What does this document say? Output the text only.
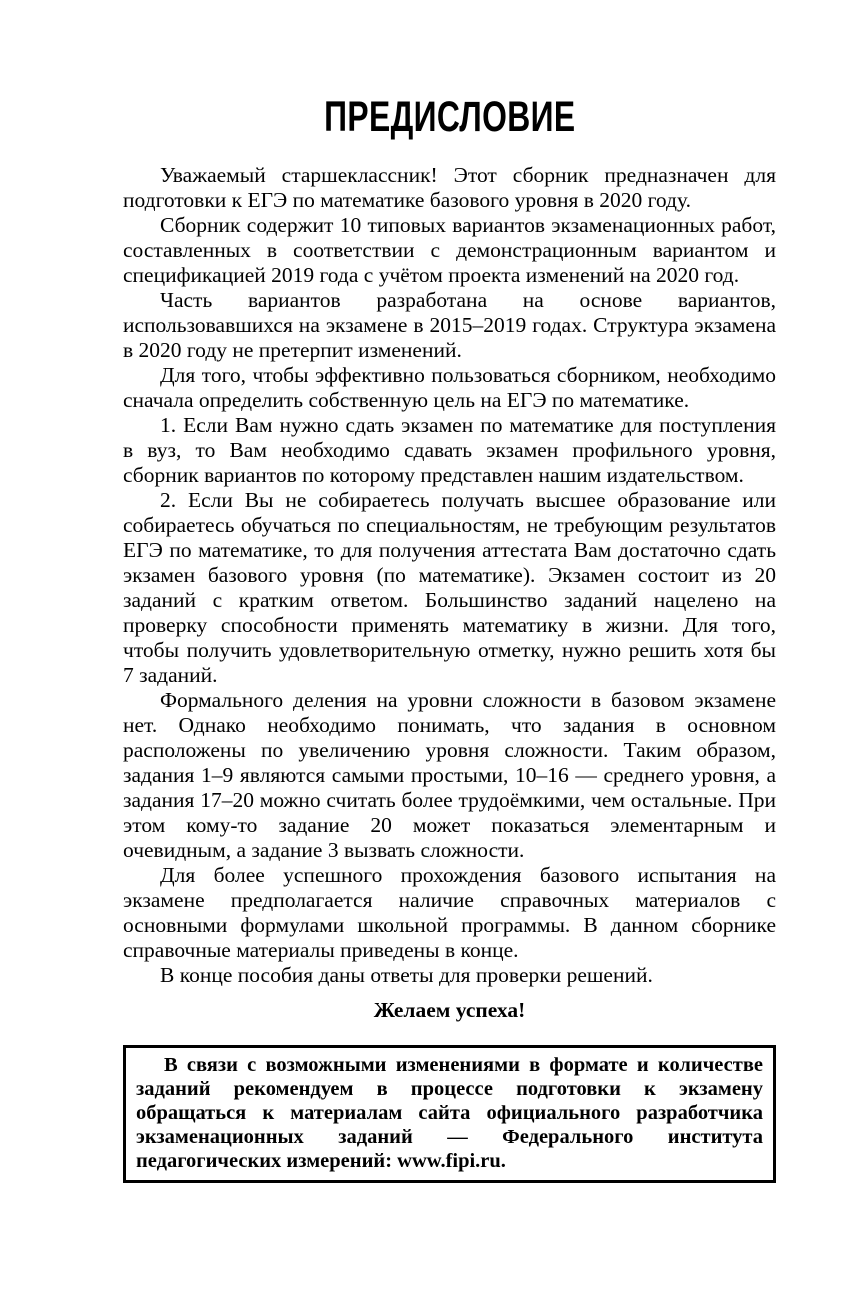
ПРЕДИСЛОВИЕ

Уважаемый старшеклассник! Этот сборник предназначен для подготовки к ЕГЭ по математике базового уровня в 2020 году.

Сборник содержит 10 типовых вариантов экзаменационных работ, составленных в соответствии с демонстрационным вариантом и спецификацией 2019 года с учётом проекта изменений на 2020 год.

Часть вариантов разработана на основе вариантов, использовавшихся на экзамене в 2015–2019 годах. Структура экзамена в 2020 году не претерпит изменений.

Для того, чтобы эффективно пользоваться сборником, необходимо сначала определить собственную цель на ЕГЭ по математике.

1. Если Вам нужно сдать экзамен по математике для поступления в вуз, то Вам необходимо сдавать экзамен профильного уровня, сборник вариантов по которому представлен нашим издательством.

2. Если Вы не собираетесь получать высшее образование или собираетесь обучаться по специальностям, не требующим результатов ЕГЭ по математике, то для получения аттестата Вам достаточно сдать экзамен базового уровня (по математике). Экзамен состоит из 20 заданий с кратким ответом. Большинство заданий нацелено на проверку способности применять математику в жизни. Для того, чтобы получить удовлетворительную отметку, нужно решить хотя бы 7 заданий.

Формального деления на уровни сложности в базовом экзамене нет. Однако необходимо понимать, что задания в основном расположены по увеличению уровня сложности. Таким образом, задания 1–9 являются самыми простыми, 10–16 — среднего уровня, а задания 17–20 можно считать более трудоёмкими, чем остальные. При этом кому-то задание 20 может показаться элементарным и очевидным, а задание 3 вызвать сложности.

Для более успешного прохождения базового испытания на экзамене предполагается наличие справочных материалов с основными формулами школьной программы. В данном сборнике справочные материалы приведены в конце.

В конце пособия даны ответы для проверки решений.

Желаем успеха!

В связи с возможными изменениями в формате и количестве заданий рекомендуем в процессе подготовки к экзамену обращаться к материалам сайта официального разработчика экзаменационных заданий — Федерального института педагогических измерений: www.fipi.ru.
